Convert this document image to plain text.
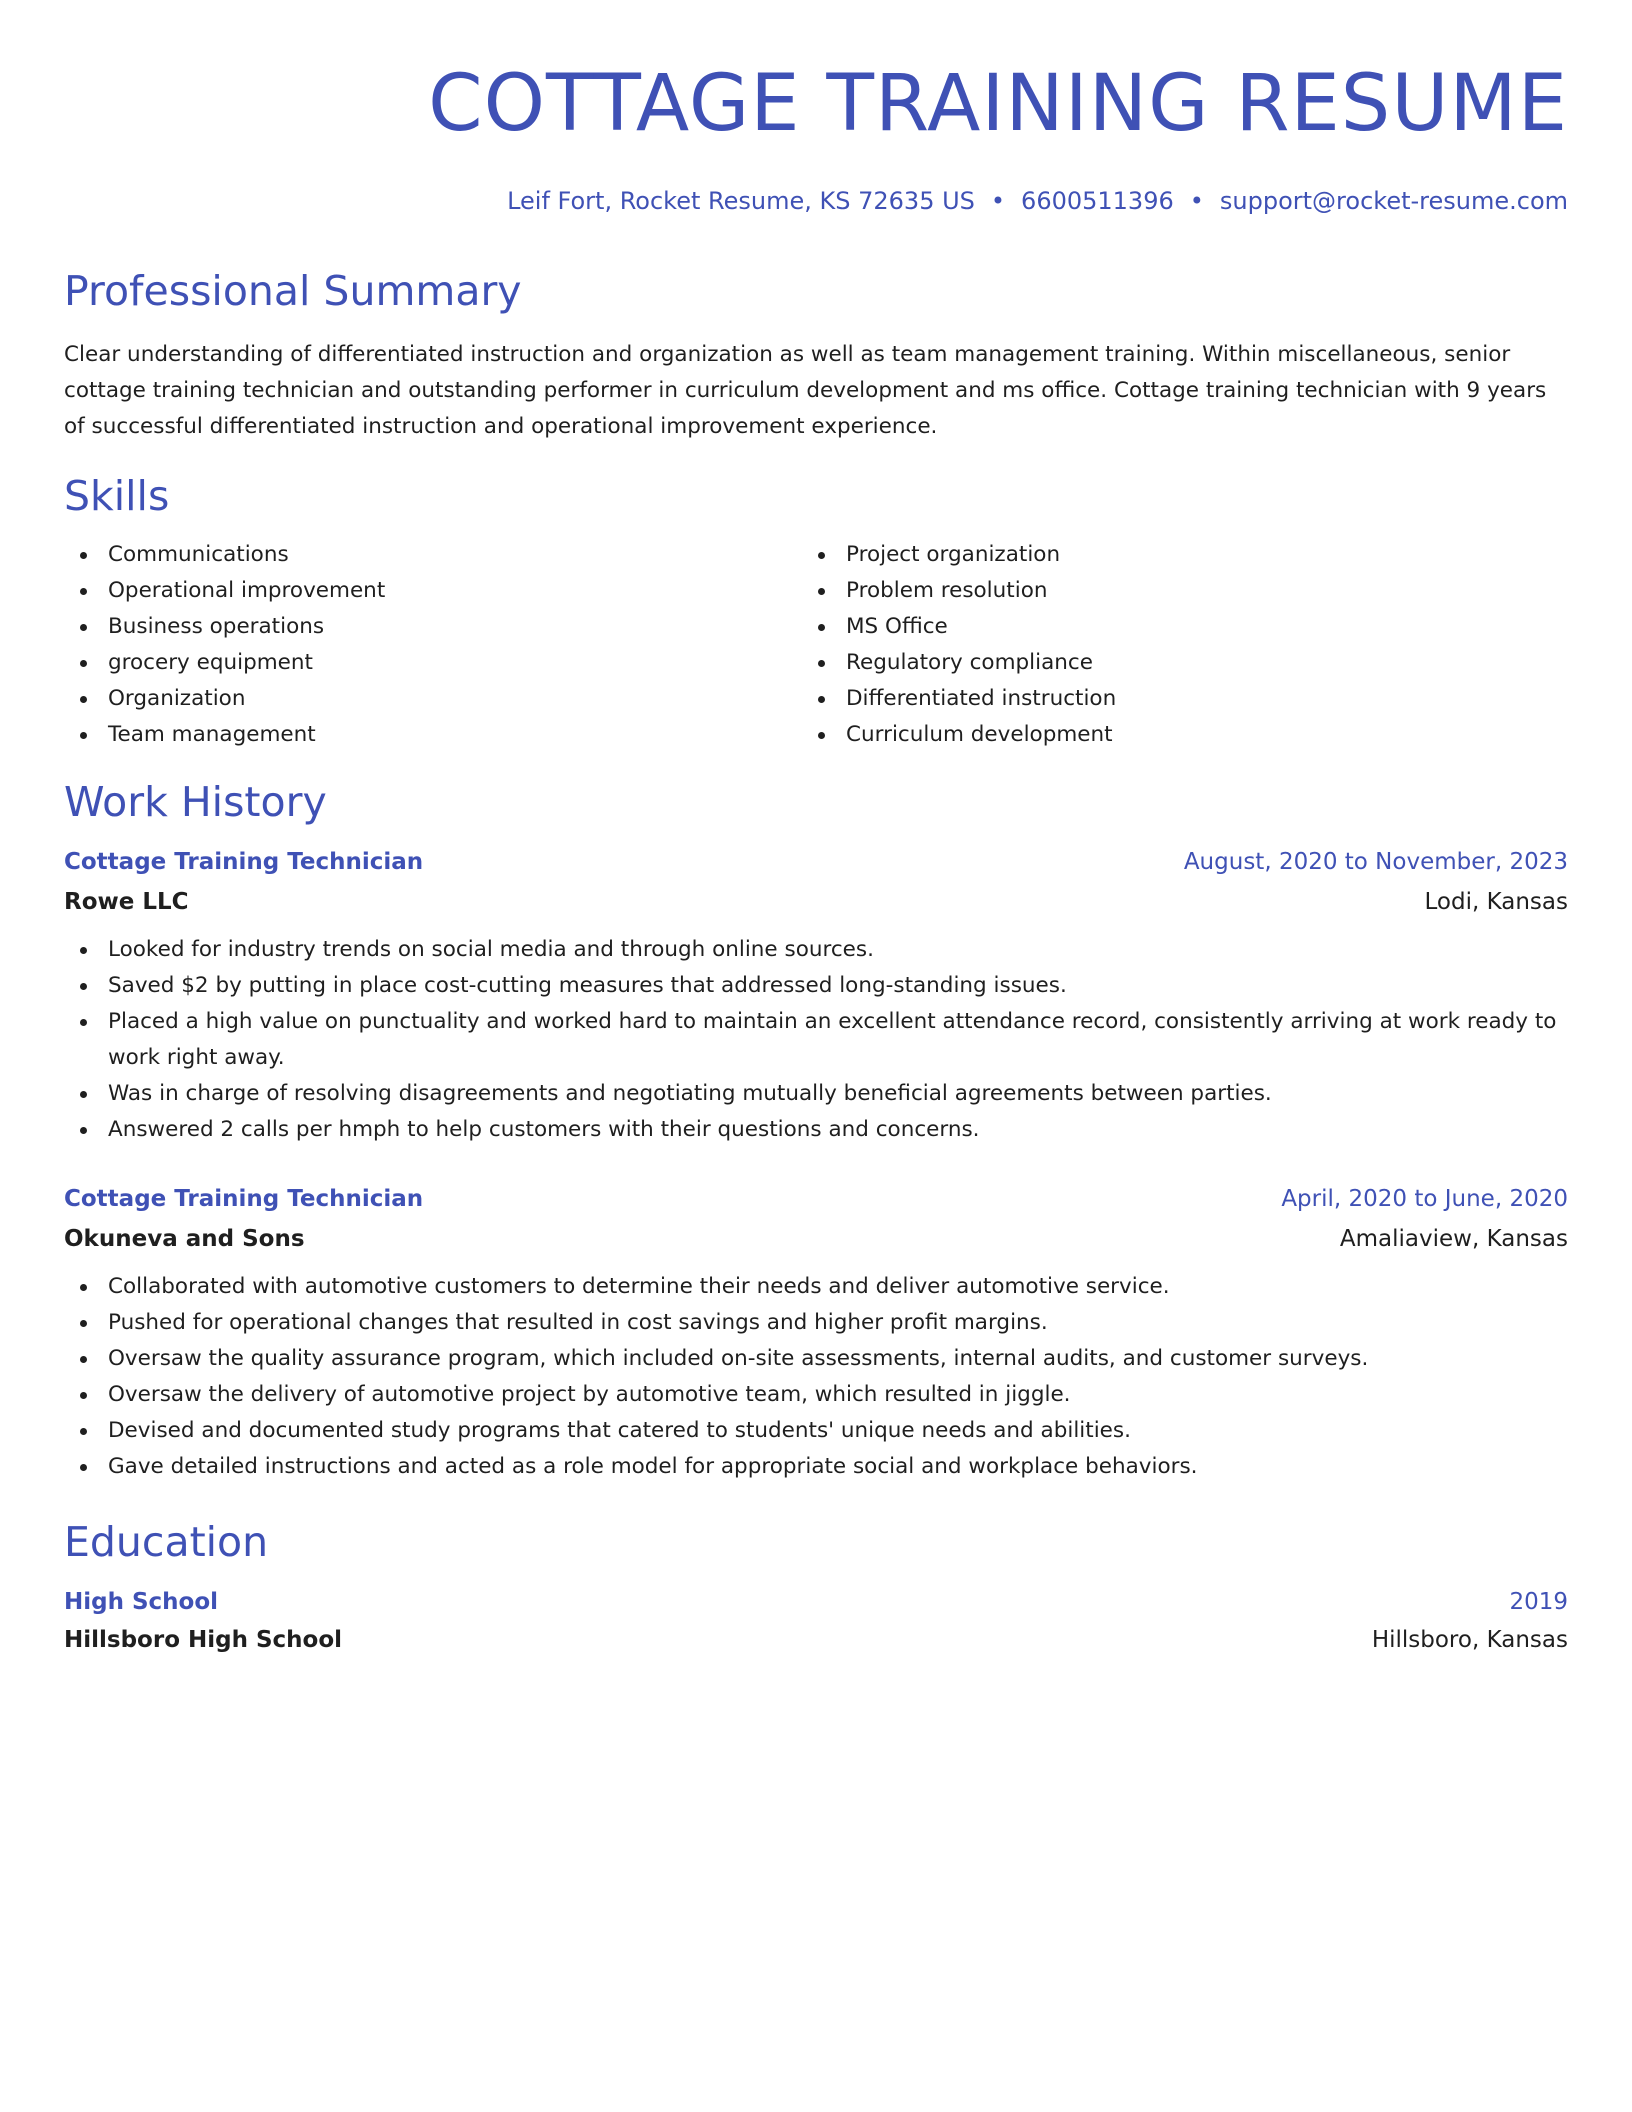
COTTAGE TRAINING RESUME
Leif Fort, Rocket Resume, KS 72635 US • 6600511396 • support@rocket-resume.com
Professional Summary

Clear understanding of differentiated instruction and organization as well as team management training. Within miscellaneous, senior cottage training technician and outstanding performer in curriculum development and ms office. Cottage training technician with 9 years of successful differentiated instruction and operational improvement experience.

Skills
Communications
Operational improvement
Business operations
grocery equipment
Organization
Team management
Project organization
Problem resolution
MS Office
Regulatory compliance
Differentiated instruction
Curriculum development
Work History
Cottage Training Technician	August, 2020 to November, 2023
Rowe LLC	Lodi, Kansas
Looked for industry trends on social media and through online sources.
Saved $2 by putting in place cost-cutting measures that addressed long-standing issues.
Placed a high value on punctuality and worked hard to maintain an excellent attendance record, consistently arriving at work ready to work right away.
Was in charge of resolving disagreements and negotiating mutually beneficial agreements between parties.
Answered 2 calls per hmph to help customers with their questions and concerns.
Cottage Training Technician	April, 2020 to June, 2020
Okuneva and Sons	Amaliaview, Kansas
Collaborated with automotive customers to determine their needs and deliver automotive service.
Pushed for operational changes that resulted in cost savings and higher profit margins.
Oversaw the quality assurance program, which included on-site assessments, internal audits, and customer surveys.
Oversaw the delivery of automotive project by automotive team, which resulted in jiggle.
Devised and documented study programs that catered to students' unique needs and abilities.
Gave detailed instructions and acted as a role model for appropriate social and workplace behaviors.
Education
High School	2019
Hillsboro High School	Hillsboro, Kansas
